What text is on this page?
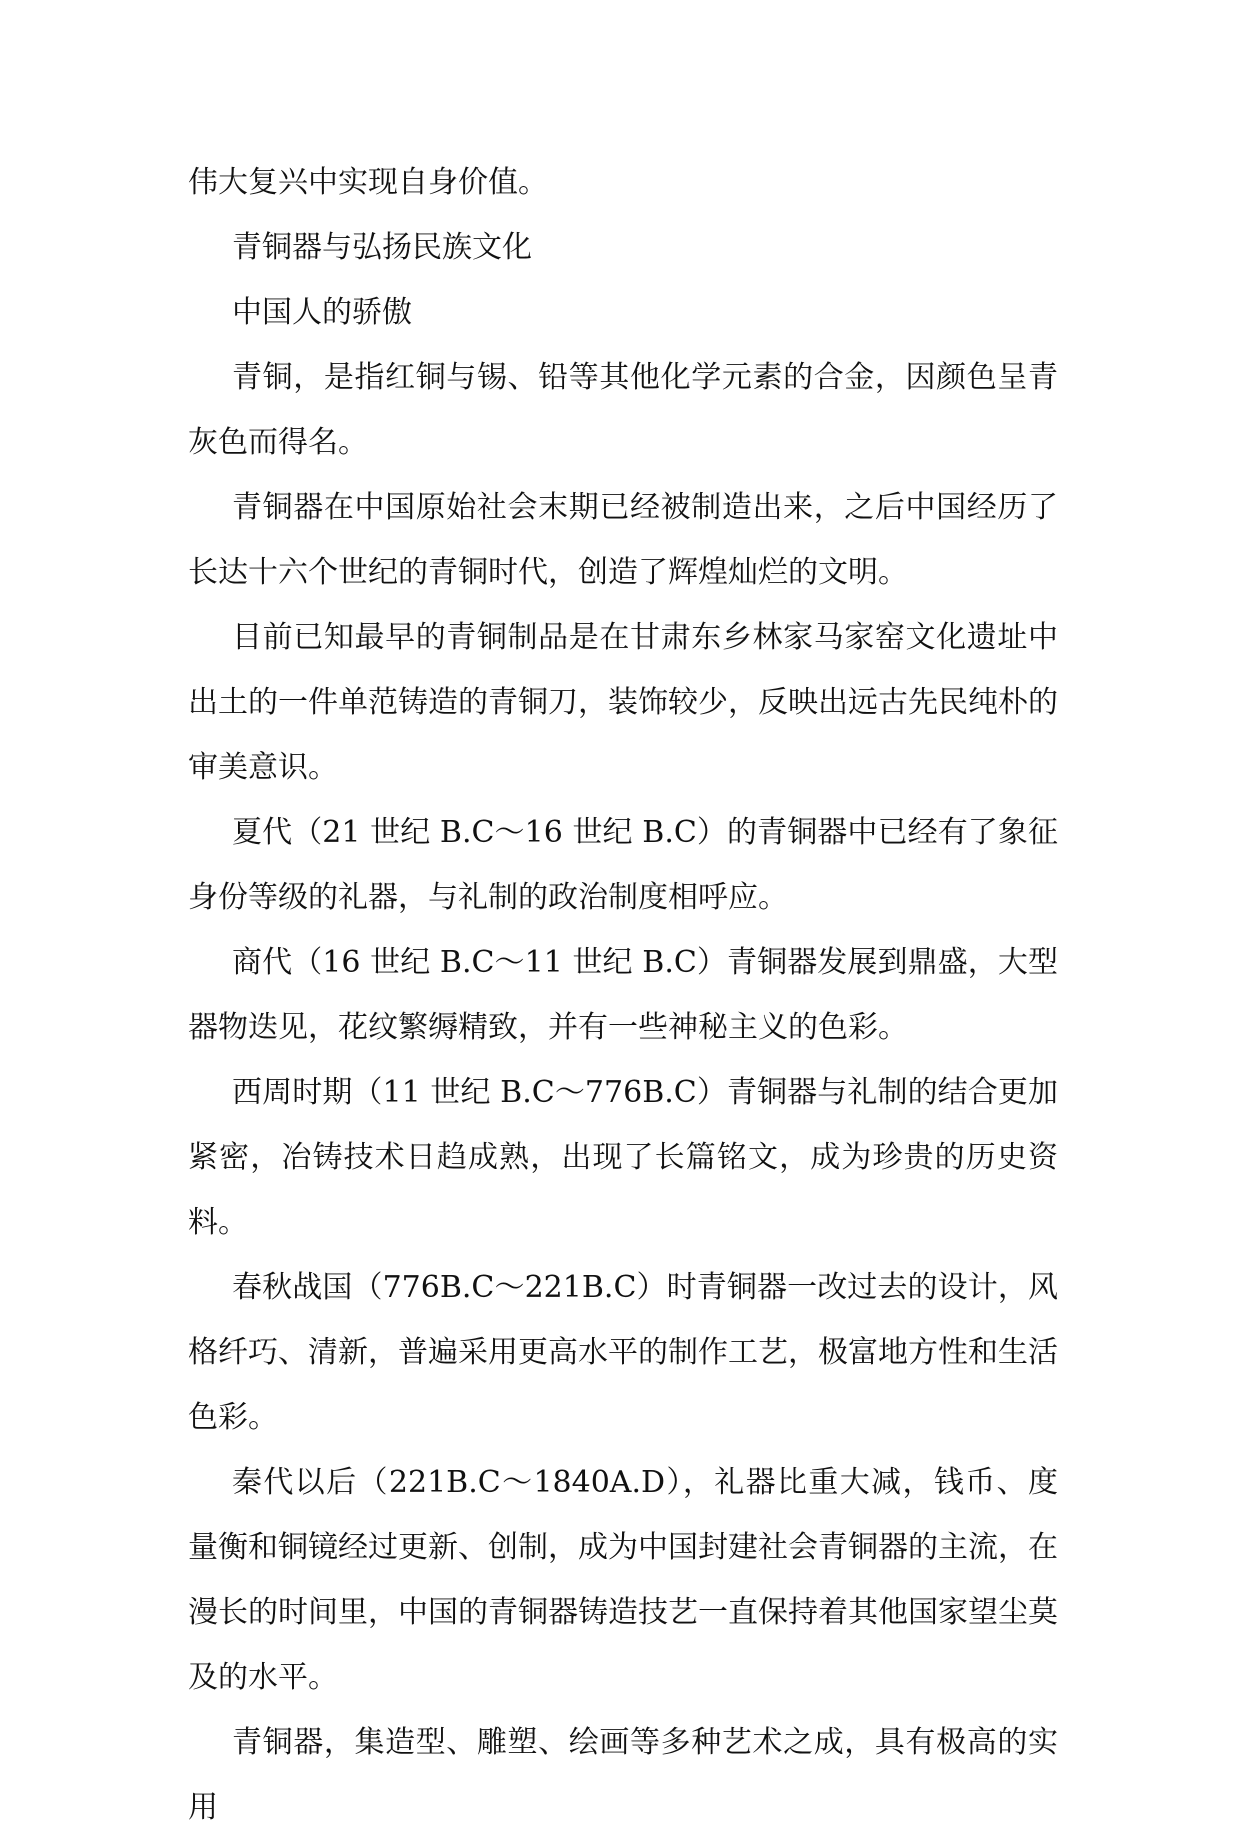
伟大复兴中实现自身价值。

青铜器与弘扬民族文化

中国人的骄傲

青铜，是指红铜与锡、铅等其他化学元素的合金，因颜色呈青灰色而得名。

青铜器在中国原始社会末期已经被制造出来，之后中国经历了长达十六个世纪的青铜时代，创造了辉煌灿烂的文明。

目前已知最早的青铜制品是在甘肃东乡林家马家窑文化遗址中出土的一件单范铸造的青铜刀，装饰较少，反映出远古先民纯朴的审美意识。

夏代（21 世纪 B.C～16 世纪 B.C）的青铜器中已经有了象征身份等级的礼器，与礼制的政治制度相呼应。

商代（16 世纪 B.C～11 世纪 B.C）青铜器发展到鼎盛，大型器物迭见，花纹繁缛精致，并有一些神秘主义的色彩。

西周时期（11 世纪 B.C～776B.C）青铜器与礼制的结合更加紧密，冶铸技术日趋成熟，出现了长篇铭文，成为珍贵的历史资料。

春秋战国（776B.C～221B.C）时青铜器一改过去的设计，风格纤巧、清新，普遍采用更高水平的制作工艺，极富地方性和生活色彩。

秦代以后（221B.C～1840A.D），礼器比重大减，钱币、度量衡和铜镜经过更新、创制，成为中国封建社会青铜器的主流，在漫长的时间里，中国的青铜器铸造技艺一直保持着其他国家望尘莫及的水平。

青铜器，集造型、雕塑、绘画等多种艺术之成，具有极高的实用
